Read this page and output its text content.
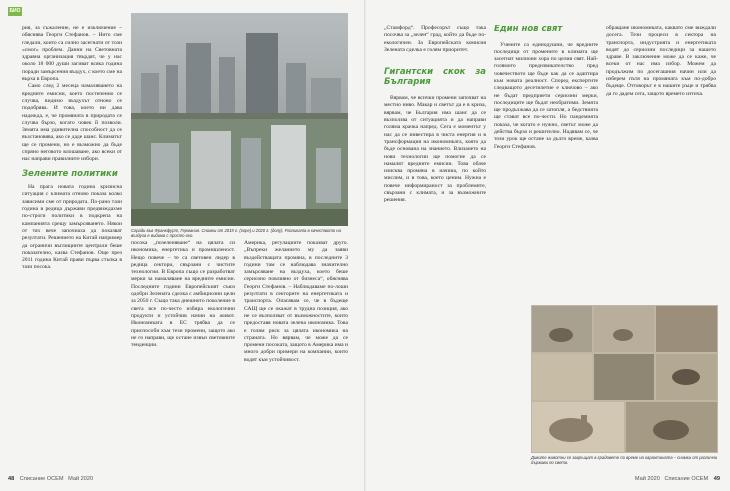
БИО

рия, за съжаление, не е изключение – обяснява Георги Стефанов. – Нито сме гледали, които са силно засегнати от този «смог» проблем. Данни на Световната здравна организация твърдят, че у нас около 18 000 души загиват всяка година поради замърсения въздух, с което сме на върха в Европа.

Само след 2 месеца намаляването на вредните емисии, което постепенно се случва, видимо въздухът отново се подобрява. И това, което ни дава надежда, е, че промяната в природата се случва бързо, когато човек й позволи. Земята има удивителна способност да се възстановява, ако се даде шанс. Климатът ще се промени, но е възможно да бъде спряно неговото влошаване, ако всеки от нас направи правилните избори.

Зелените политики

На прага новата година кризисна ситуация с климата отново показа колко зависими сме от природата. По-рано тази година в редица държави предвиждахме по-строги политики в подкрепа на кампанията срещу замърсяването. Някои от тях вече започнаха да показват резултати. Решението на Китай например да ограничи въглищните централи беше показателно, казва Стефанов. Още през 2011 година Китай прави първа стъпка в тази посока.

Сгради във Франкфурт, Германия. Снимки от 2019 г. (горе) и 2020 г. (долу). Разликата в качеството на въздуха е видима с просто око.

посока „позеленяване“ на цялата си икономика, енергетика и промишленост. Нещо повече – те са световен лидер в редица сектори, свързани с чистите технологии. В Европа също се разработват мерки за намаляване на вредните емисии. Последните години Европейският съюз одобри Зелената сделка с амбициозни цели за 2050 г. Също така днешното поколение в света все по-често избира екологични продукти и устойчив начин на живот. Икономиката в ЕС трябва да се приспособи към тези промени, защото ако не го направи, ще остане извън световните тенденции.

Америка, регулациите показват друго. „Въпреки желанието му да заяви въздействащата промяна, в последните 3 години там се наблюдава значително замърсяване на въздуха, което беше сериозно повлияно от бизнеса“, обяснява Георги Стефанов. – Наблюдаваме по-лоши резултати в секторите на енергетиката и транспорта. Опасявам се, че в бъдеще САЩ ще се окажат в трудна позиция, ако не се възползват от възможностите, които предоставя новата зелена икономика. Това е голям риск за цялата икономика на страната. Но вярвам, че може да се промени посоката, защото в Америка има и много добри примери на компании, които водят към устойчивост.

48 Списание ОСЕМ Май 2020

„Стамфорд“. Професорът също така посочва за „зелен“ град, който да бъде по-екологичен. За Европейската комисия Зелената сделка е голям приоритет.

Гигантски скок за България

Вярвам, че всички промени започват на местно ниво. Макар и светът да е в криза, вярвам, че България има шанс да се възползва от ситуацията и да направи голяма крачка напред. Сега е моментът у нас да се инвестира в чиста енергия и в трансформация на икономиката, която да бъде основана на знанието. Влизането на нови технологии ще помогне да се намалят вредните емисии. Това обаче изисква промяна в начина, по който мислим, и в това, което ценим. Нужна е повече информираност за проблемите, свързани с климата, и за възможните решения.

Един нов свят

Учените са единодушни, че вредните последици от промените в климата ще засегнат милиони хора по целия свят. Най-голямото предизвикателство пред човечеството ще бъде как да се адаптира към новата реалност. Според експертите следващото десетилетие е ключово – ако не бъдат предприети сериозни мерки, последиците ще бъдат необратими. Земята ще продължава да се затопля, а бедствията ще стават все по-чести. Но пандемията показа, че когато е нужно, светът може да действа бързо и решително. Надявам се, че този урок ще остане за дълго време, казва Георги Стефанов.

обращане икономиката, каквато сме виждали досега. Тези процеси в сектора на транспорта, индустрията и енергетиката водят до сериозни последици за нашето здраве. В заключение може да се каже, че всеки от нас има избор. Можем да продължим по досегашния начин или да изберем пътя на промяната към по-добро бъдеще. Отговорът е в нашите ръце и трябва да го дадем сега, защото времето изтича.

Дивите животни се завръщат в градовете по време на карантината – снимки от различни държави по света.
Май 2020 Списание ОСЕМ 49
